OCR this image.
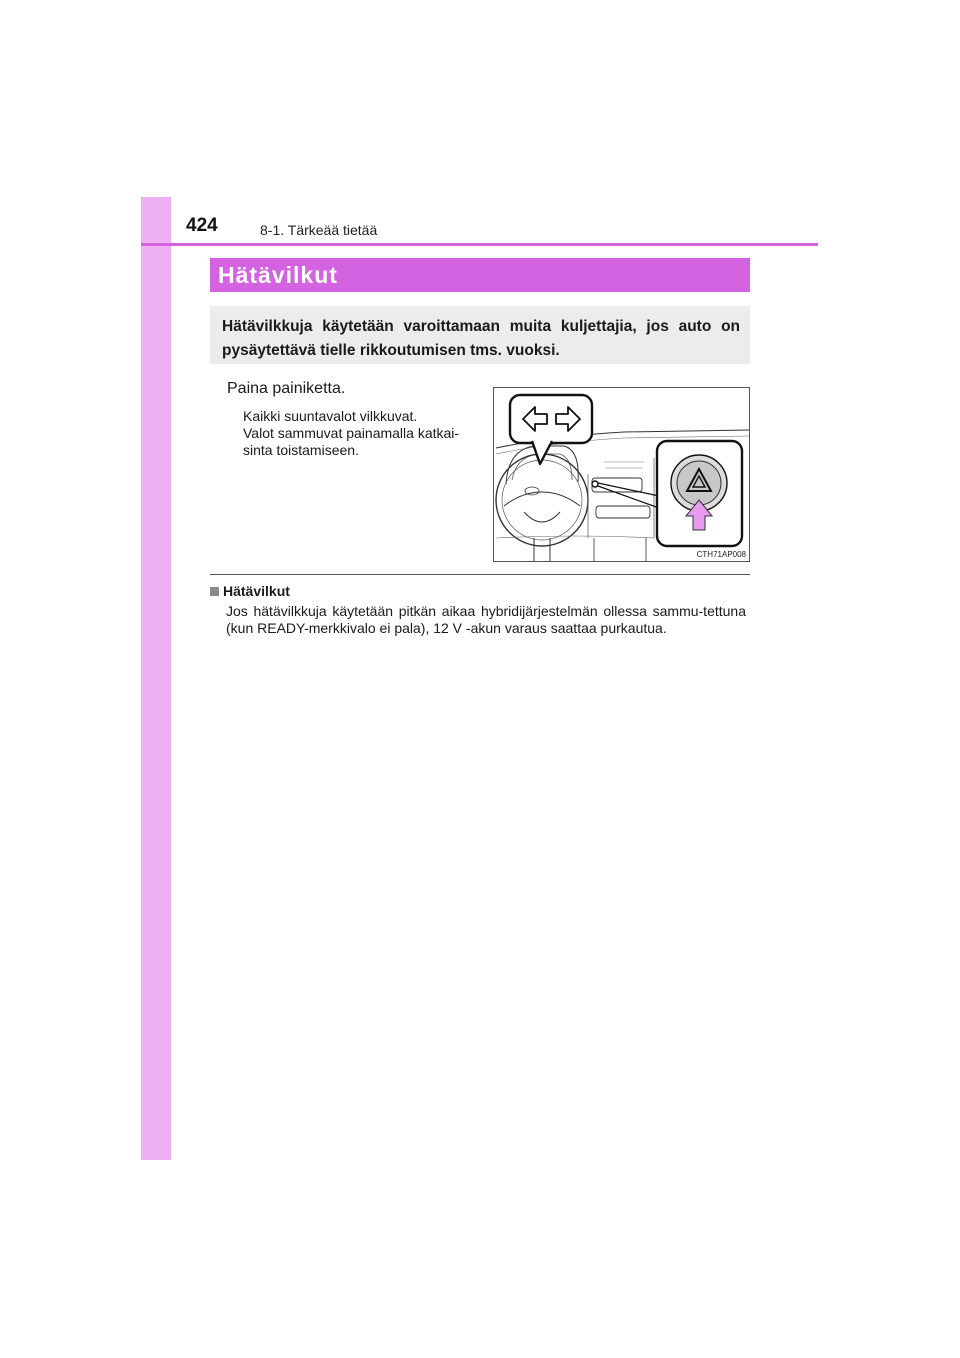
424	8-1. Tärkeää tietää
Hätävilkut

Hätävilkkuja käytetään varoittamaan muita kuljettajia, jos auto on pysäytettävä tielle rikkoutumisen tms. vuoksi.

Paina painiketta.
Kaikki suuntavalot vilkkuvat.
Valot sammuvat painamalla katkai-
sinta toistamiseen.
CTH71AP008
Hätävilkut
Jos hätävilkkuja käytetään pitkän aikaa hybridijärjestelmän ollessa sammu-tettuna (kun READY-merkkivalo ei pala), 12 V -akun varaus saattaa purkautua.
